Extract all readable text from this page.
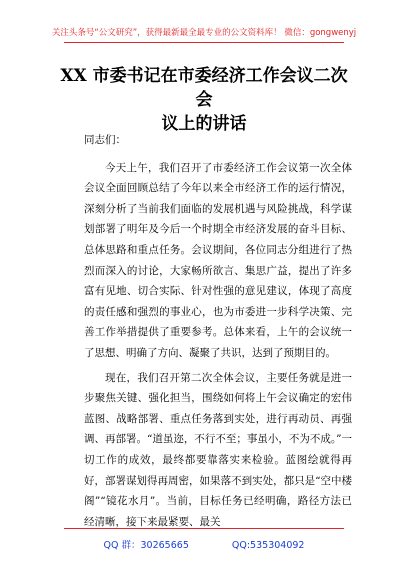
关注头条号“公文研究”，获得最新最全最专业的公文资料库！ 微信：gongwenyj
XX 市委书记在市委经济工作会议二次会
议上的讲话

同志们：

今天上午，我们召开了市委经济工作会议第一次全体会议全面回顾总结了今年以来全市经济工作的运行情况，深刻分析了当前我们面临的发展机遇与风险挑战，科学谋划部署了明年及今后一个时期全市经济发展的奋斗目标、总体思路和重点任务。会议期间，各位同志分组进行了热烈而深入的讨论，大家畅所欲言、集思广益，提出了许多富有见地、切合实际、针对性强的意见建议，体现了高度的责任感和强烈的事业心，也为市委进一步科学决策、完善工作举措提供了重要参考。总体来看，上午的会议统一了思想、明确了方向、凝聚了共识，达到了预期目的。

现在，我们召开第二次全体会议，主要任务就是进一步聚焦关键、强化担当，围绕如何将上午会议确定的宏伟蓝图、战略部署、重点任务落到实处，进行再动员、再强调、再部署。“道虽迩，不行不至；事虽小，不为不成。”一切工作的成效，最终都要靠落实来检验。蓝图绘就得再好，部署谋划得再周密，如果落不到实处，都只是“空中楼阁”“镜花水月”。当前，目标任务已经明确，路径方法已经清晰，接下来最紧要、最关

QQ 群：30265665	QQ:535304092
